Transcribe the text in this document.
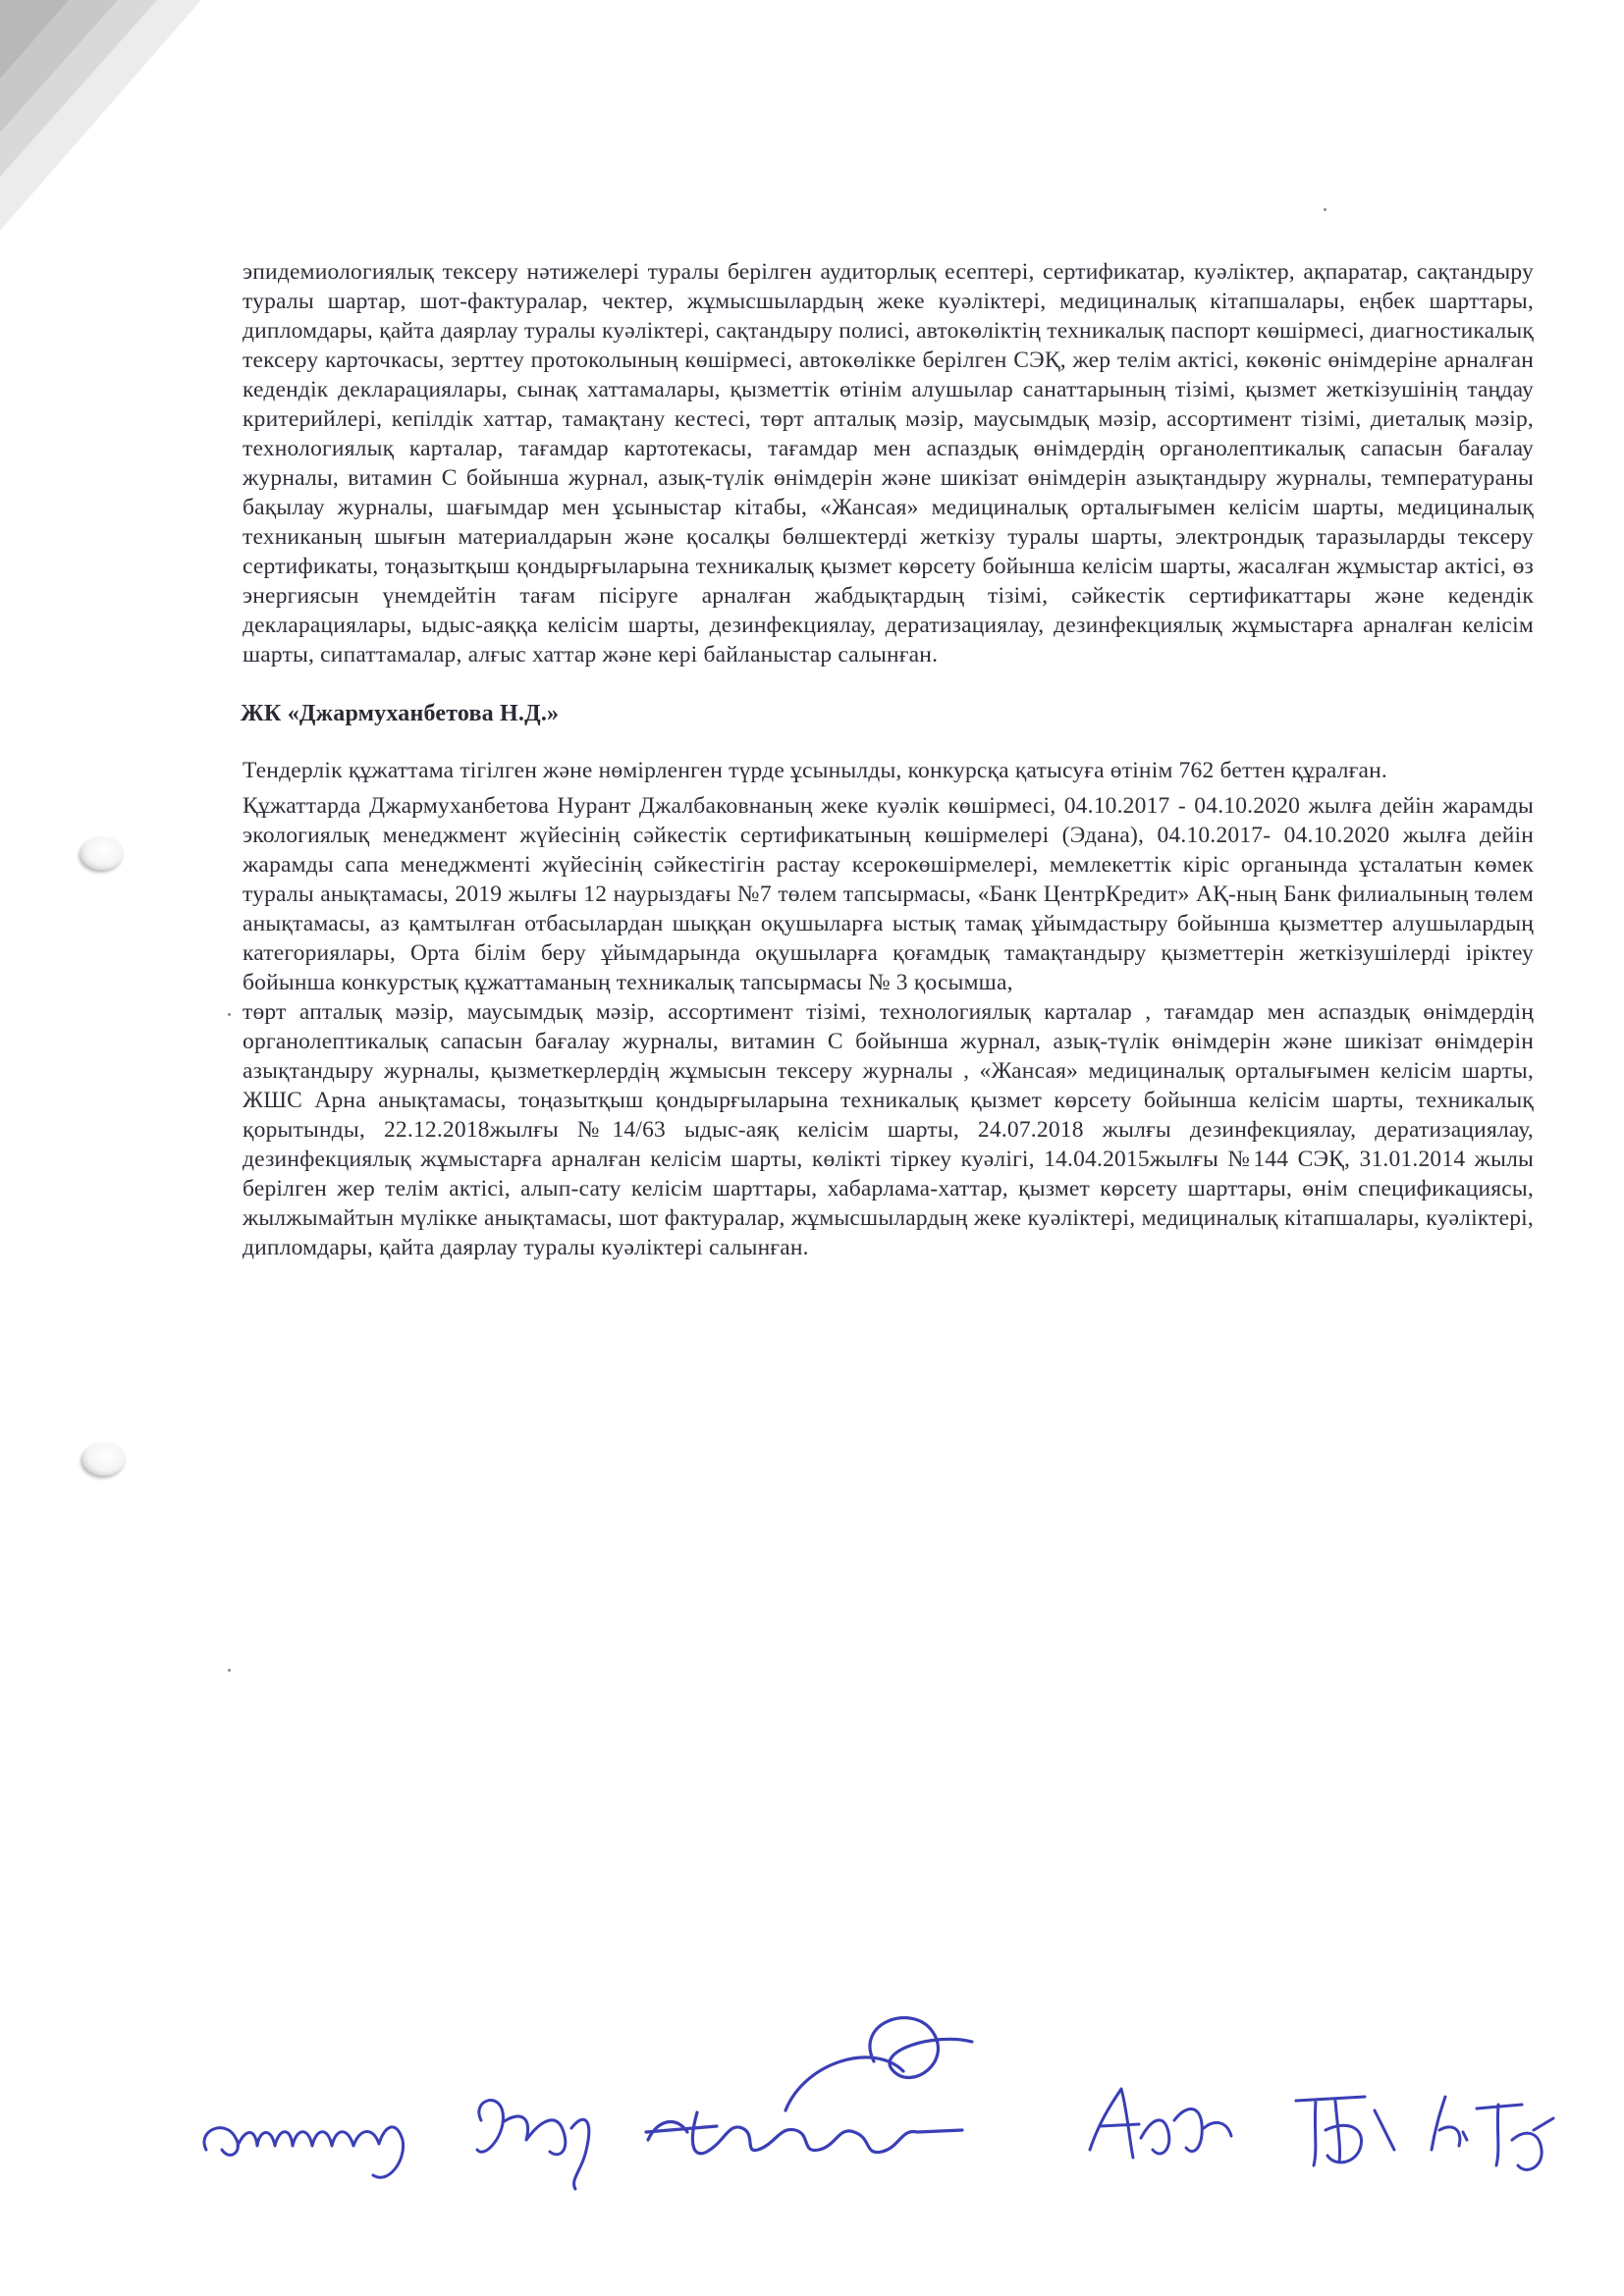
эпидемиологиялық тексеру нәтижелері туралы берілген аудиторлық есептері, сертификатар, куәліктер, ақпаратар, сақтандыру туралы шартар, шот-фактуралар, чектер, жұмысшылардың жеке куәліктері, медициналық кітапшалары, еңбек шарттары, дипломдары, қайта даярлау туралы куәліктері, сақтандыру полисі, автокөліктің техникалық паспорт көшірмесі, диагностикалық тексеру карточкасы, зерттеу протоколының көшірмесі, автокөлікке берілген СЭҚ, жер телім актісі, көкөніс өнімдеріне арналған кедендік декларациялары, сынақ хаттамалары, қызметтік өтінім алушылар санаттарының тізімі, қызмет жеткізушінің таңдау критерийлері, кепілдік хаттар, тамақтану кестесі, төрт апталық мәзір, маусымдық мәзір, ассортимент тізімі, диеталық мәзір, технологиялық карталар, тағамдар картотекасы, тағамдар мен аспаздық өнімдердің органолептикалық сапасын бағалау журналы, витамин С бойынша журнал, азық-түлік өнімдерін және шикізат өнімдерін азықтандыру журналы, температураны бақылау журналы, шағымдар мен ұсыныстар кітабы, «Жансая» медициналық орталығымен келісім шарты, медициналық техниканың шығын материалдарын және қосалқы бөлшектерді жеткізу туралы шарты, электрондық таразыларды тексеру сертификаты, тоңазытқыш қондырғыларына техникалық қызмет көрсету бойынша келісім шарты, жасалған жұмыстар актісі, өз энергиясын үнемдейтін тағам пісіруге арналған жабдықтардың тізімі, сәйкестік сертификаттары және кедендік декларациялары, ыдыс-аяққа келісім шарты, дезинфекциялау, дератизациялау, дезинфекциялық жұмыстарға арналған келісім шарты, сипаттамалар, алғыс хаттар және кері байланыстар салынған.

ЖК «Джармуханбетова Н.Д.»

Тендерлік құжаттама тігілген және нөмірленген түрде ұсынылды, конкурсқа қатысуға өтінім 762 беттен құралған.

Құжаттарда Джармуханбетова Нурант Джалбаковнаның жеке куәлік көшірмесі, 04.10.2017 - 04.10.2020 жылға дейін жарамды экологиялық менеджмент жүйесінің сәйкестік сертификатының көшірмелері (Эдана), 04.10.2017- 04.10.2020 жылға дейін жарамды сапа менеджменті жүйесінің сәйкестігін растау ксерокөшірмелері, мемлекеттік кіріс органында ұсталатын көмек туралы анықтамасы, 2019 жылғы 12 наурыздағы №7 төлем тапсырмасы, «Банк ЦентрКредит» АҚ-ның Банк филиалының төлем анықтамасы, аз қамтылған отбасылардан шыққан оқушыларға ыстық тамақ ұйымдастыру бойынша қызметтер алушылардың категориялары, Орта білім беру ұйымдарында оқушыларға қоғамдық тамақтандыру қызметтерін жеткізушілерді іріктеу бойынша конкурстық құжаттаманың техникалық тапсырмасы № 3 қосымша,

төрт апталық мәзір, маусымдық мәзір, ассортимент тізімі, технологиялық карталар , тағамдар мен аспаздық өнімдердің органолептикалық сапасын бағалау журналы, витамин С бойынша журнал, азық-түлік өнімдерін және шикізат өнімдерін азықтандыру журналы, қызметкерлердің жұмысын тексеру журналы , «Жансая» медициналық орталығымен келісім шарты, ЖШС Арна анықтамасы, тоңазытқыш қондырғыларына техникалық қызмет көрсету бойынша келісім шарты, техникалық қорытынды, 22.12.2018жылғы №14/63 ыдыс-аяқ келісім шарты, 24.07.2018 жылғы дезинфекциялау, дератизациялау, дезинфекциялық жұмыстарға арналған келісім шарты, көлікті тіркеу куәлігі, 14.04.2015жылғы №144 СЭҚ, 31.01.2014 жылы берілген жер телім актісі, алып-сату келісім шарттары, хабарлама-хаттар, қызмет көрсету шарттары, өнім спецификациясы, жылжымайтын мүлікке анықтамасы, шот фактуралар, жұмысшылардың жеке куәліктері, медициналық кітапшалары, куәліктері, дипломдары, қайта даярлау туралы куәліктері салынған.
